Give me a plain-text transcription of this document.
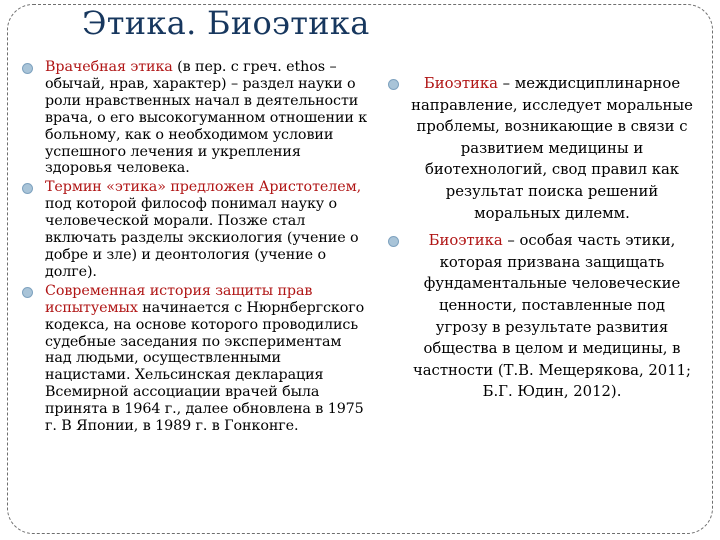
Этика. Биоэтика
Врачебная этика (в пер. с греч. ethos – обычай, нрав, характер) – раздел науки о роли нравственных начал в деятельности врача, о его высокогуманном отношении к больному, как о необходимом условии успешного лечения и укрепления здоровья человека.
Термин «этика» предложен Аристотелем, под которой философ понимал науку о человеческой морали. Позже стал включать разделы экскиология (учение о добре и зле) и деонтология (учение о долге).
Современная история защиты прав испытуемых начинается с Нюрнбергского кодекса, на основе которого проводились судебные заседания по экспериментам над людьми, осуществленными нацистами. Хельсинская декларация Всемирной ассоциации врачей была принята в 1964 г., далее обновлена в 1975 г. В Японии, в 1989 г. в Гонконге.
Биоэтика – междисциплинарное направление, исследует моральные проблемы, возникающие в связи с развитием медицины и биотехнологий, свод правил как результат поиска решений моральных дилемм.
Биоэтика – особая часть этики, которая призвана защищать фундаментальные человеческие ценности, поставленные под угрозу в результате развития общества в целом и медицины, в частности (Т.В. Мещерякова, 2011; Б.Г. Юдин, 2012).
